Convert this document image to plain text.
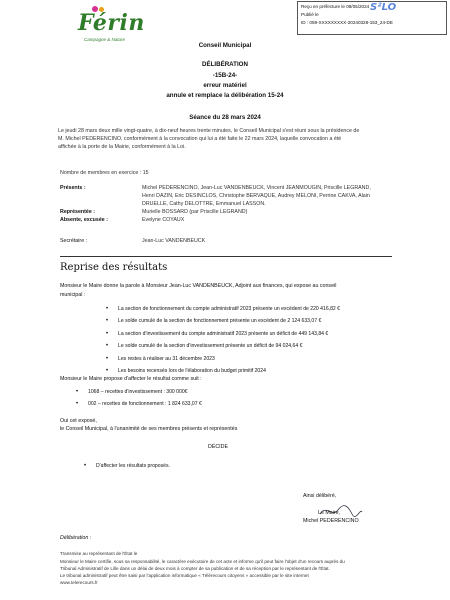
Férin
Campagne & Nature
Reçu en préfecture le 08/05/2024
Publié le
ID : 059-XXXXXXXXX-20240328-153_24-DE
S²LO
Conseil Municipal
DÉLIBÉRATION
-15B-24-
erreur matériel
annule et remplace la délibération 15-24
Séance du 28 mars 2024
Le jeudi 28 mars deux mille vingt-quatre, à dix-neuf heures trente minutes, le Conseil Municipal s'est réuni sous la présidence de
M. Michel PEDERENCINO, conformément à la convocation qui lui a été faite le 22 mars 2024, laquelle convocation a été
affichée à la porte de la Mairie, conformément à la Loi.
Nombre de membres en exercice : 15
Présents :	Michel PEDERENCINO, Jean-Luc VANDENBEUCK, Vincent JEANMOUGIN, Priscille LEGRAND,
Henri DAZIN, Eric DESINCLOS, Christophe BERVAQUE, Audrey MELONI, Perrine CAKVA, Alain
DRUELLE, Cathy DELOTTRE, Emmanuel LASSON.
Représentée :	Murielle BOSSARD (par Priscille LEGRAND)
Absente, excusée :	Evelyne COYAUX
Secrétaire :	Jean-Luc VANDENBEUCK
Reprise des résultats
Monsieur le Maire donne la parole à Monsieur Jean-Luc VANDENBEUCK, Adjoint aux finances, qui expose au conseil
municipal :
• La section de fonctionnement du compte administratif 2023 présente un excédent de 220 416,82 €
• Le solde cumulé de la section de fonctionnement présente un excédent de 2 124 633,07 €
• La section d'investissement du compte administratif 2023 présente un déficit de 449 143,84 €
• Le solde cumulé de la section d'investissement présente un déficit de 94 024,64 €
• Les restes à réaliser au 31 décembre 2023
• Les besoins recensés lors de l'élaboration du budget primitif 2024
Monsieur le Maire propose d'affecter le résultat comme suit :
• 1068 – recettes d'investissement : 300 000€
• 002 – recettes de fonctionnement : 1 824 633,07 €
Oui cet exposé,
le Conseil Municipal, à l'unanimité de ses membres présents et représentés
DÉCIDE
• D'affecter les résultats proposés.
Ainsi délibéré,
Le Maire,
Michel PEDERENCINO
Délibération :
Transmise au représentant de l'État le
Monsieur le Maire certifie, sous sa responsabilité, le caractère exécutoire de cet acte et informe qu'il peut faire l'objet d'un recours auprès du
Tribunal Administratif de Lille dans un délai de deux mois à compter de sa publication et de sa réception par le représentant de l'État.
Le tribunal administratif peut être saisi par l'application informatique « Télérecours citoyens » accessible par le site internet
www.telerecours.fr
